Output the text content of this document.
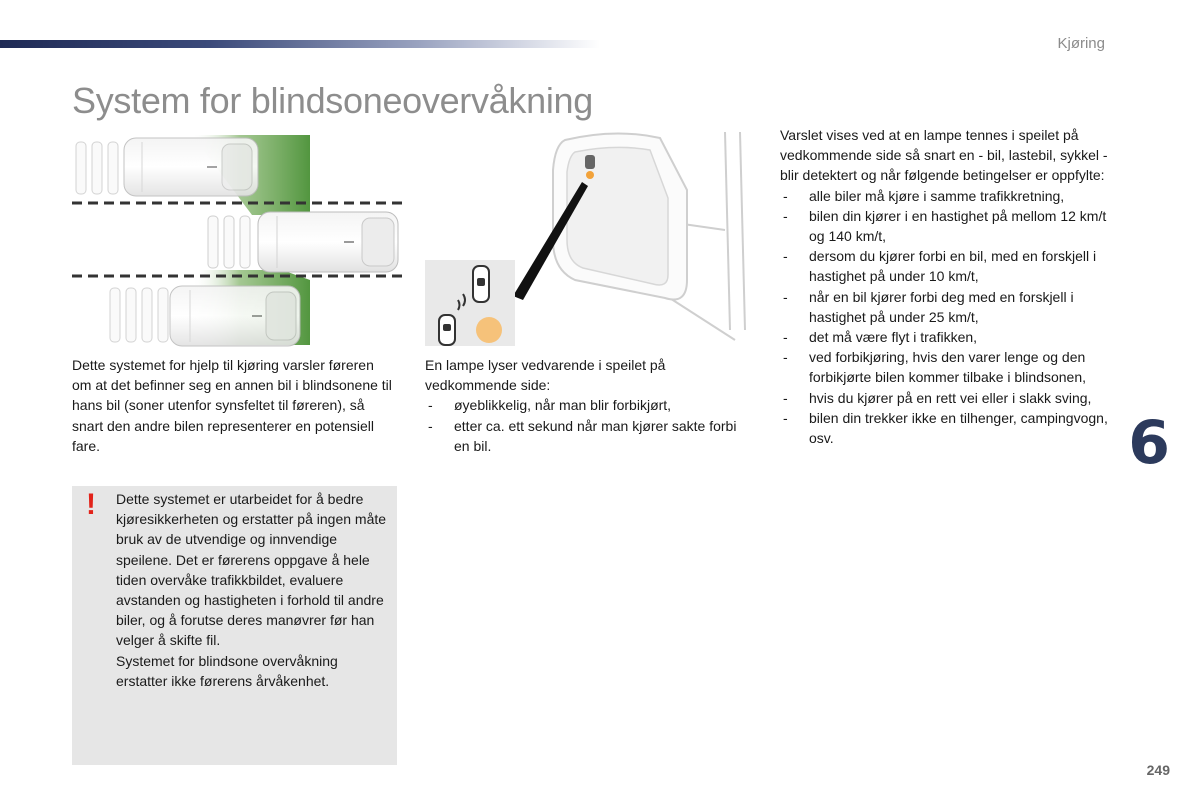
Kjøring
System for blindsoneovervåkning

Dette systemet for hjelp til kjøring varsler føreren om at det befinner seg en annen bil i blindsonene til hans bil (soner utenfor synsfeltet til føreren), så snart den andre bilen representerer en potensiell fare.

! Dette systemet er utarbeidet for å bedre kjøresikkerheten og erstatter på ingen måte bruk av de utvendige og innvendige speilene. Det er førerens oppgave å hele tiden overvåke trafikkbildet, evaluere avstanden og hastigheten i forhold til andre biler, og å forutse deres manøvrer før han velger å skifte fil.

Systemet for blindsone overvåkning erstatter ikke førerens årvåkenhet.

En lampe lyser vedvarende i speilet på vedkommende side:

- øyeblikkelig, når man blir forbikjørt,
- etter ca. ett sekund når man kjører sakte forbi en bil.

Varslet vises ved at en lampe tennes i speilet på vedkommende side så snart en - bil, lastebil, sykkel - blir detektert og når følgende betingelser er oppfylte:

- alle biler må kjøre i samme trafikkretning,
- bilen din kjører i en hastighet på mellom 12 km/t og 140 km/t,
- dersom du kjører forbi en bil, med en forskjell i hastighet på under 10 km/t,
- når en bil kjører forbi deg med en forskjell i hastighet på under 25 km/t,
- det må være flyt i trafikken,
- ved forbikjøring, hvis den varer lenge og den forbikjørte bilen kommer tilbake i blindsonen,
- hvis du kjører på en rett vei eller i slakk sving,
- bilen din trekker ikke en tilhenger, campingvogn, osv.	6
249
